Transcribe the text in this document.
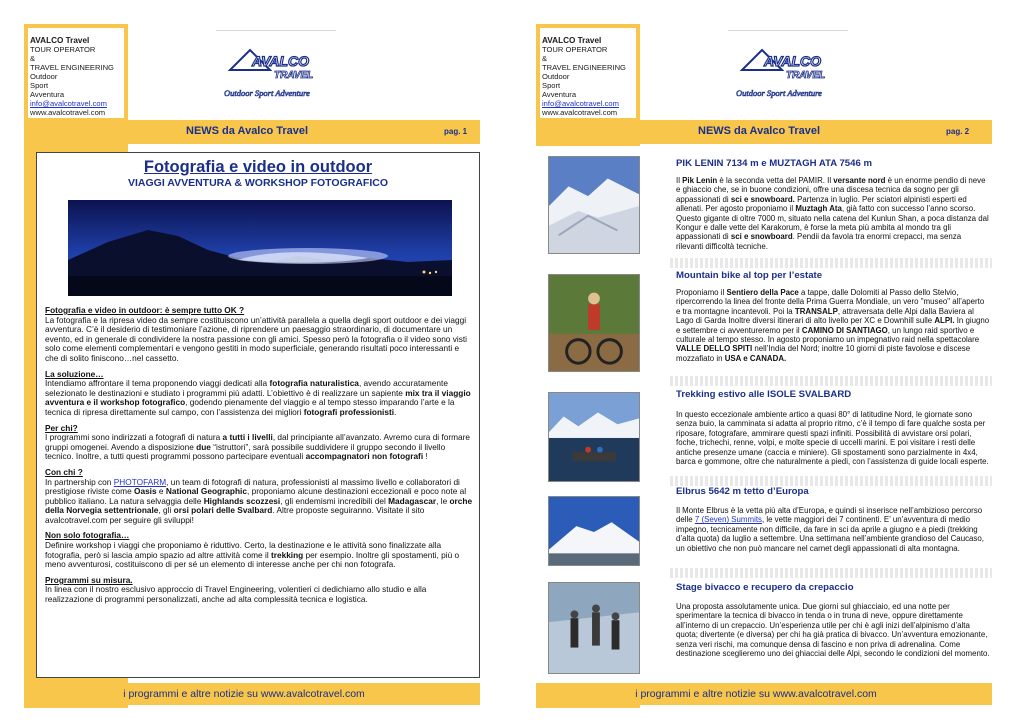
AVALCO Travel
TOUR OPERATOR
&
TRAVEL ENGINEERING
Outdoor
Sport
Avventura
info@avalcotravel.com
www.avalcotravel.com
AVALCO
TRAVEL
Outdoor Sport Adventure
NEWS da Avalco Travel	pag. 1
Fotografia e video in outdoor
VIAGGI AVVENTURA & WORKSHOP FOTOGRAFICO
Fotografia e video in outdoor: è sempre tutto OK ?
La fotografia e la ripresa video da sempre costituiscono un’attività parallela a quella degli sport outdoor e dei viaggi avventura. C’è il desiderio di testimoniare l’azione, di riprendere un paesaggio straordinario, di documentare un evento, ed in generale di condividere la nostra passione con gli amici. Spesso però la fotografia o il video sono visti solo come elementi complementari e vengono gestiti in modo superficiale, generando risultati poco interessanti e che di solito finiscono…nel cassetto.
La soluzione…
Intendiamo affrontare il tema proponendo viaggi dedicati alla fotografia naturalistica, avendo accuratamente selezionato le destinazioni e studiato i programmi più adatti. L’obiettivo è di realizzare un sapiente mix tra il viaggio avventura e il workshop fotografico, godendo pienamente del viaggio e al tempo stesso imparando l’arte e la tecnica di ripresa direttamente sul campo, con l’assistenza dei migliori fotografi professionisti.
Per chi?
I programmi sono indirizzati a fotografi di natura a tutti i livelli, dal principiante all’avanzato. Avremo cura di formare gruppi omogenei. Avendo a disposizione due “istruttori”, sarà possibile suddividere il gruppo secondo il livello tecnico. Inoltre, a tutti questi programmi possono partecipare eventuali accompagnatori non fotografi !
Con chi ?
In partnership con PHOTOFARM, un team di fotografi di natura, professionisti al massimo livello e collaboratori di prestigiose riviste come Oasis e National Geographic, proponiamo alcune destinazioni eccezionali e poco note al pubblico italiano. La natura selvaggia delle Highlands scozzesi, gli endemismi incredibili del Madagascar, le orche della Norvegia settentrionale, gli orsi polari delle Svalbard. Altre proposte seguiranno. Visitate il sito avalcotravel.com per seguire gli sviluppi!
Non solo fotografia…
Definire workshop i viaggi che proponiamo è riduttivo. Certo, la destinazione e le attività sono finalizzate alla fotografia, però si lascia ampio spazio ad altre attività come il trekking per esempio. Inoltre gli spostamenti, più o meno avventurosi, costituiscono di per sé un elemento di interesse anche per chi non fotografa.
Programmi su misura.
In linea con il nostro esclusivo approccio di Travel Engineering, volentieri ci dedichiamo allo studio e alla realizzazione di programmi personalizzati, anche ad alta complessità tecnica e logistica.
i programmi e altre notizie su www.avalcotravel.com
AVALCO Travel
TOUR OPERATOR
&
TRAVEL ENGINEERING
Outdoor
Sport
Avventura
info@avalcotravel.com
www.avalcotravel.com
AVALCO
TRAVEL
Outdoor Sport Adventure
NEWS da Avalco Travel	pag. 2
PIK LENIN 7134 m e MUZTAGH ATA 7546 m
Il Pik Lenin è la seconda vetta del PAMIR. Il versante nord è un enorme pendio di neve e ghiaccio che, se in buone condizioni, offre una discesa tecnica da sogno per gli appassionati di sci e snowboard. Partenza in luglio. Per sciatori alpinisti esperti ed allenati. Per agosto proponiamo il Muztagh Ata, già fatto con successo l’anno scorso. Questo gigante di oltre 7000 m, situato nella catena del Kunlun Shan, a poca distanza dal Kongur e dalle vette del Karakorum, è forse la meta più ambita al mondo tra gli appassionati di sci e snowboard. Pendii da favola tra enormi crepacci, ma senza rilevanti difficoltà tecniche.
Mountain bike al top per l’estate
Proponiamo il Sentiero della Pace a tappe, dalle Dolomiti al Passo dello Stelvio, ripercorrendo la linea del fronte della Prima Guerra Mondiale, un vero "museo" all’aperto e tra montagne incantevoli. Poi la TRANSALP, attraversata delle Alpi dalla Baviera al Lago di Garda Inoltre diversi itinerari di alto livello per XC e Downhill sulle ALPI. In giugno e settembre ci avventureremo per il CAMINO DI SANTIAGO, un lungo raid sportivo e culturale al tempo stesso. In agosto proponiamo un impegnativo raid nella spettacolare VALLE DELLO SPITI nell’India del Nord; inoltre 10 giorni di piste favolose e discese mozzafiato in USA e CANADA.
Trekking estivo alle ISOLE SVALBARD
In questo eccezionale ambiente artico a quasi 80° di latitudine Nord, le giornate sono senza buio, la camminata si adatta al proprio ritmo, c’è il tempo di fare qualche sosta per riposare, fotografare, ammirare questi spazi infiniti. Possibilità di avvistare orsi polari, foche, trichechi, renne, volpi, e molte specie di uccelli marini. E poi visitare i resti delle antiche presenze umane (caccia e miniere). Gli spostamenti sono parzialmente in 4x4, barca e gommone, oltre che naturalmente a piedi, con l’assistenza di guide locali esperte.
Elbrus 5642 m tetto d’Europa
Il Monte Elbrus è la vetta più alta d’Europa, e quindi si inserisce nell’ambizioso percorso delle 7 (Seven) Summits, le vette maggiori dei 7 continenti. E’ un’avventura di medio impegno, tecnicamente non difficile, da fare in sci da aprile a giugno e a piedi (trekking d’alta quota) da luglio a settembre. Una settimana nell’ambiente grandioso del Caucaso, un obiettivo che non può mancare nel carnet degli appassionati di alta montagna.
Stage bivacco e recupero da crepaccio
Una proposta assolutamente unica. Due giorni sul ghiacciaio, ed una notte per sperimentare la tecnica di bivacco in tenda o in truna di neve, oppure direttamente all’interno di un crepaccio. Un’esperienza utile per chi è agli inizi dell’alpinismo d’alta quota; divertente (e diversa) per chi ha già pratica di bivacco. Un’avventura emozionante, senza veri rischi, ma comunque densa di fascino e non priva di adrenalina. Come destinazione sceglieremo uno dei ghiacciai delle Alpi, secondo le condizioni del momento.
i programmi e altre notizie su www.avalcotravel.com
